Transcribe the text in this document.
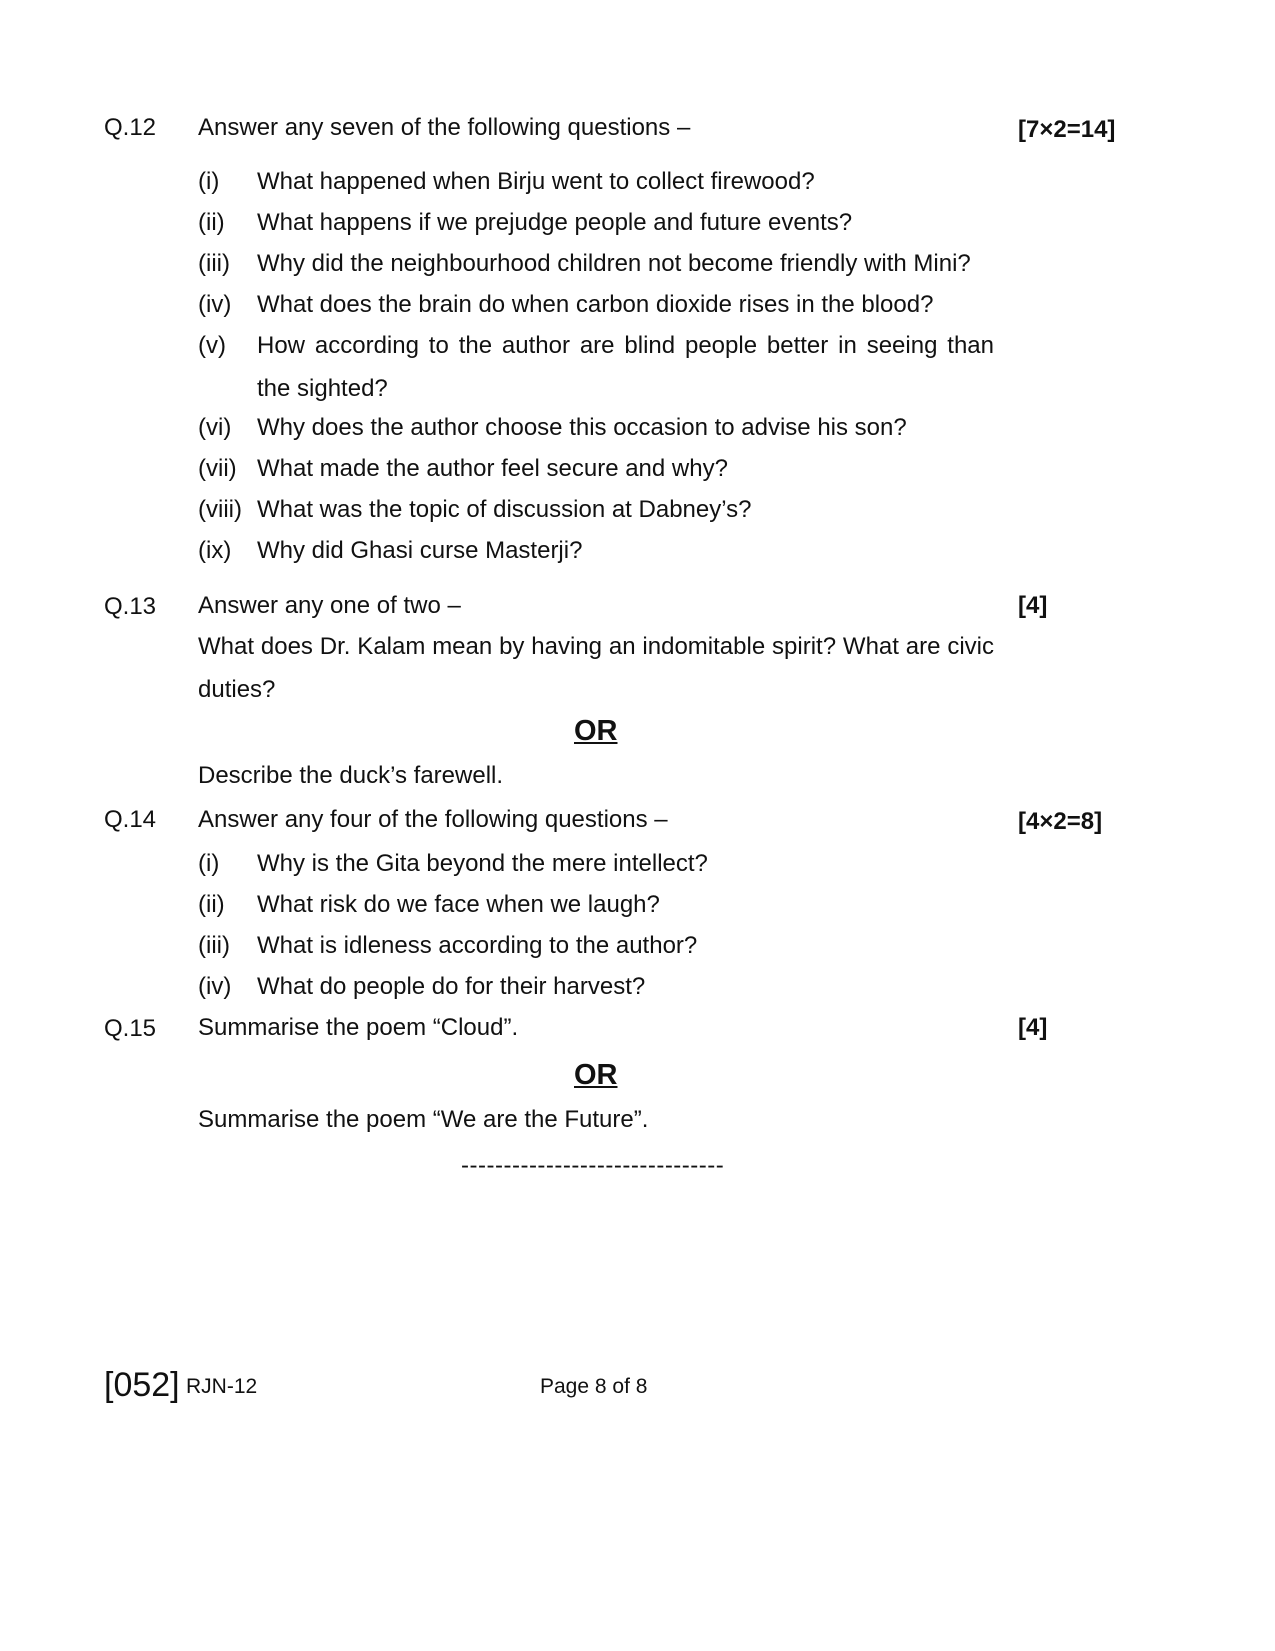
Q.12 Answer any seven of the following questions –	[7×2=14]
(i) What happened when Birju went to collect firewood?
(ii) What happens if we prejudge people and future events?
(iii) Why did the neighbourhood children not become friendly with Mini?
(iv) What does the brain do when carbon dioxide rises in the blood?
(v) How according to the author are blind people better in seeing than the sighted?
(vi) Why does the author choose this occasion to advise his son?
(vii) What made the author feel secure and why?
(viii) What was the topic of discussion at Dabney’s?
(ix) Why did Ghasi curse Masterji?
Q.13 Answer any one of two –	[4]
What does Dr. Kalam mean by having an indomitable spirit? What are civic duties?
OR
Describe the duck’s farewell.
Q.14 Answer any four of the following questions –	[4×2=8]
(i) Why is the Gita beyond the mere intellect?
(ii) What risk do we face when we laugh?
(iii) What is idleness according to the author?
(iv) What do people do for their harvest?
Q.15 Summarise the poem “Cloud”.	[4]
OR
Summarise the poem “We are the Future”.
-------------------------------
[052] RJN-12	Page 8 of 8
